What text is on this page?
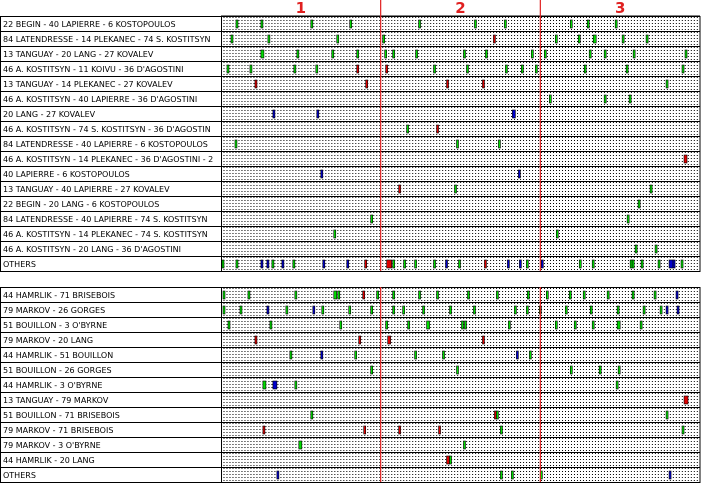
1	2	3
22 BEGIN - 40 LAPIERRE - 6 KOSTOPOULOS
84 LATENDRESSE - 14 PLEKANEC - 74 S. KOSTITSYN
13 TANGUAY - 20 LANG - 27 KOVALEV
46 A. KOSTITSYN - 11 KOIVU - 36 D'AGOSTINI
13 TANGUAY - 14 PLEKANEC - 27 KOVALEV
46 A. KOSTITSYN - 40 LAPIERRE - 36 D'AGOSTINI
20 LANG - 27 KOVALEV
46 A. KOSTITSYN - 74 S. KOSTITSYN - 36 D'AGOSTIN
84 LATENDRESSE - 40 LAPIERRE - 6 KOSTOPOULOS
46 A. KOSTITSYN - 14 PLEKANEC - 36 D'AGOSTINI - 2
40 LAPIERRE - 6 KOSTOPOULOS
13 TANGUAY - 40 LAPIERRE - 27 KOVALEV
22 BEGIN - 20 LANG - 6 KOSTOPOULOS
84 LATENDRESSE - 40 LAPIERRE - 74 S. KOSTITSYN
46 A. KOSTITSYN - 14 PLEKANEC - 74 S. KOSTITSYN
46 A. KOSTITSYN - 20 LANG - 36 D'AGOSTINI
OTHERS
44 HAMRLIK - 71 BRISEBOIS
79 MARKOV - 26 GORGES
51 BOUILLON - 3 O'BYRNE
79 MARKOV - 20 LANG
44 HAMRLIK - 51 BOUILLON
51 BOUILLON - 26 GORGES
44 HAMRLIK - 3 O'BYRNE
13 TANGUAY - 79 MARKOV
51 BOUILLON - 71 BRISEBOIS
79 MARKOV - 71 BRISEBOIS
79 MARKOV - 3 O'BYRNE
44 HAMRLIK - 20 LANG
OTHERS
